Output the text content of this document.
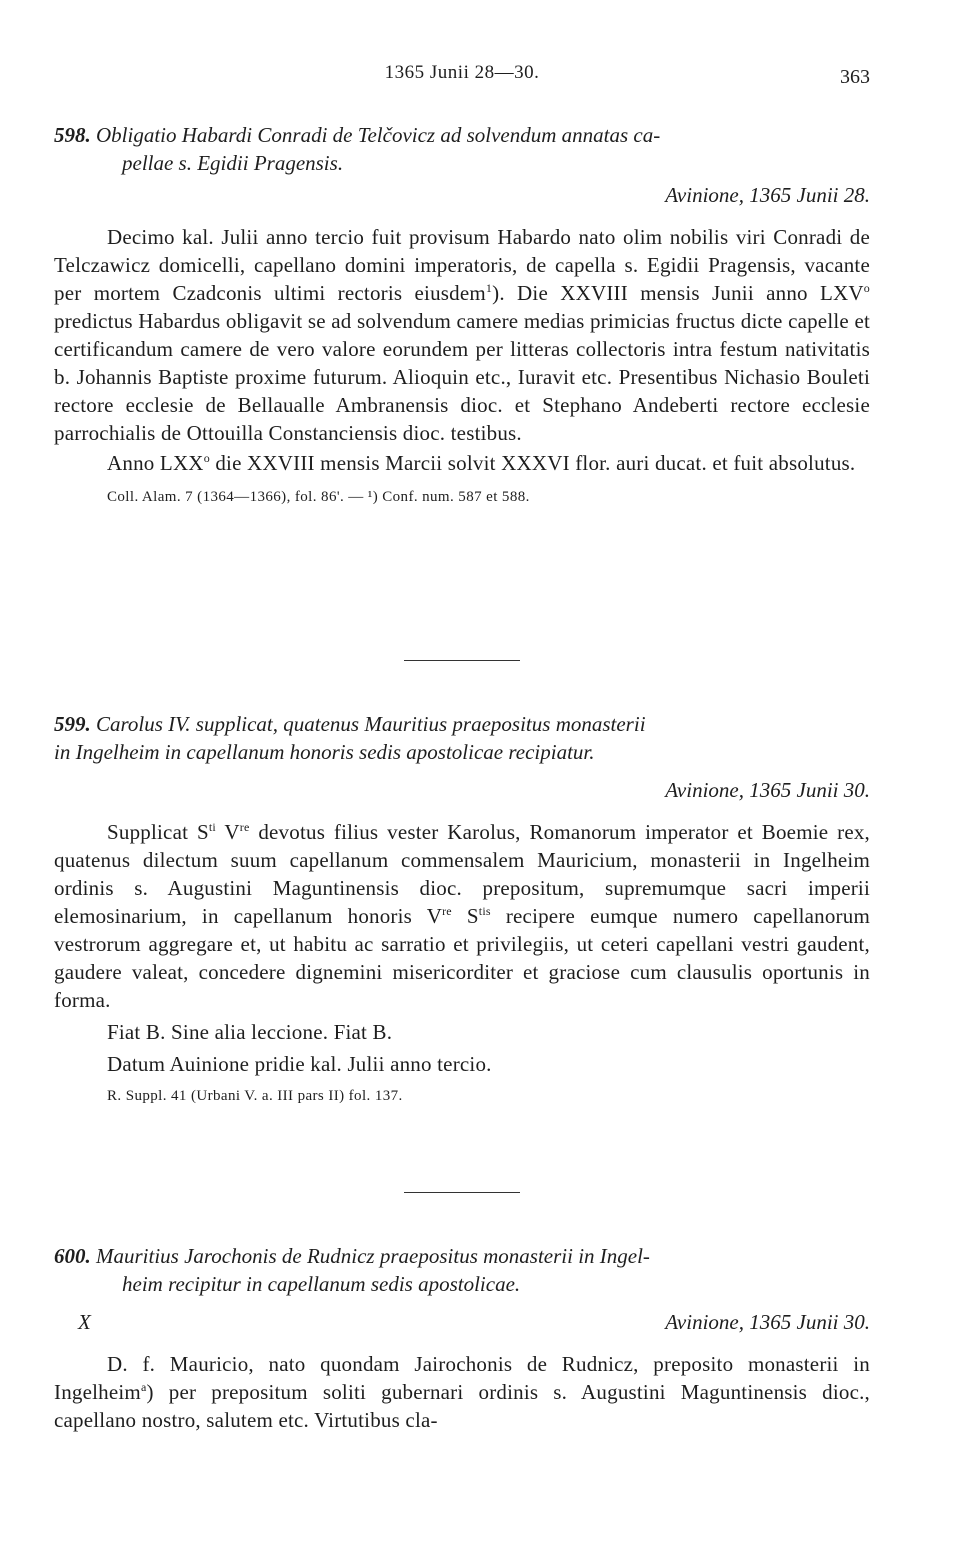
1365 Junii 28—30.	363
598. Obligatio Habardi Conradi de Telčovicz ad solvendum annatas ca-
pellae s. Egidii Pragensis.
Avinione, 1365 Junii 28.

Decimo kal. Julii anno tercio fuit provisum Habardo nato olim nobilis viri Conradi de Telczawicz domicelli, capellano domini imperatoris, de capella s. Egidii Pragensis, vacante per mortem Czadconis ultimi rectoris eiusdem$^1$). Die XXVIII mensis Junii anno LXV$^o$ predictus Habardus obligavit se ad solvendum camere medias primicias fructus dicte capelle et certificandum camere de vero valore eorundem per litteras collectoris intra festum nativitatis b. Johannis Baptiste proxime futurum. Alioquin etc., Iuravit etc. Presentibus Nichasio Bouleti rectore ecclesie de Bellaualle Ambranensis dioc. et Stephano Andeberti rectore ecclesie parrochialis de Ottouilla Constanciensis dioc. testibus.

Anno LXX$^o$ die XXVIII mensis Marcii solvit XXXVI flor. auri ducat. et fuit absolutus.

Coll. Alam. 7 (1364—1366), fol. 86'. — ¹) Conf. num. 587 et 588.
599. Carolus IV. supplicat, quatenus Mauritius praepositus monasterii
in Ingelheim in capellanum honoris sedis apostolicae recipiatur.
Avinione, 1365 Junii 30.

Supplicat $S^{ti}$ Vre devotus filius vester Karolus, Romanorum imperator et Boemie rex, quatenus dilectum suum capellanum commensalem Mauricium, monasterii in Ingelheim ordinis s. Augustini Maguntinensis dioc. prepositum, supremumque sacri imperii elemosinarium, in capellanum honoris Vre $S^{tis}$ recipere eumque numero capellanorum vestrorum aggregare et, ut habitu ac sarratio et privilegiis, ut ceteri capellani vestri gaudent, gaudere valeat, concedere dignemini misericorditer et graciose cum clausulis oportunis in forma.

Fiat B. Sine alia leccione. Fiat B.

Datum Auinione pridie kal. Julii anno tercio.

R. Suppl. 41 (Urbani V. a. III pars II) fol. 137.
600. Mauritius Jarochonis de Rudnicz praepositus monasterii in Ingel-
heim recipitur in capellanum sedis apostolicae.
X	Avinione, 1365 Junii 30.

D. f. Mauricio, nato quondam Jairochonis de Rudnicz, preposito monasterii in Ingelheim$^a$) per prepositum soliti gubernari ordinis s. Augustini Maguntinensis dioc., capellano nostro, salutem etc. Virtutibus cla-
